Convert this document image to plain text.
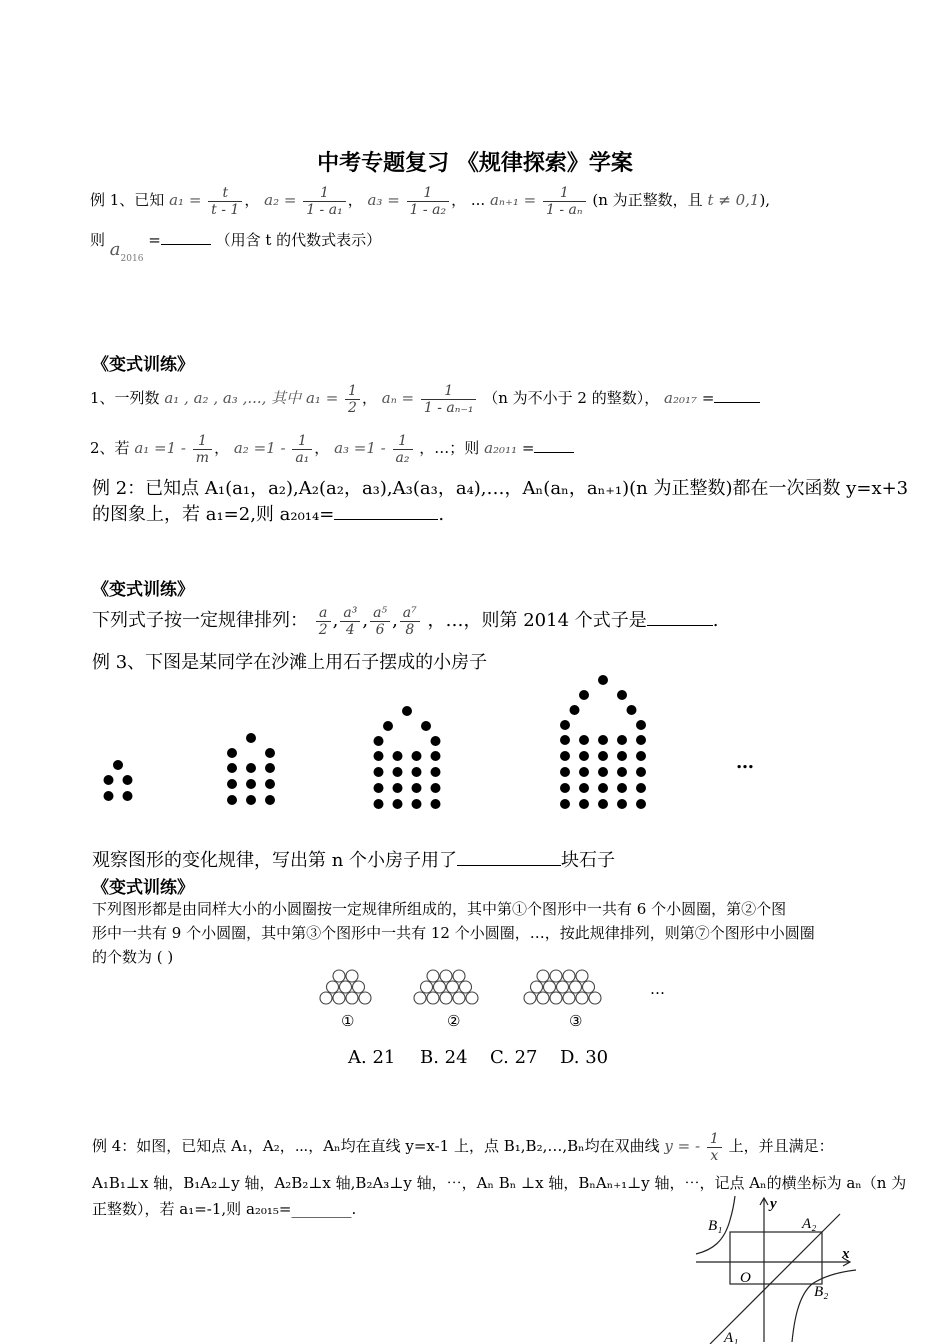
中考专题复习 《规律探索》学案
例 1、已知 $a_1 = \frac{t}{t - 1}$ ， $a_2 = \frac{1}{\text{1 - a₁}}$ ， $a_3 = \frac{1}{\text{1 - a₂}}$ ， ... $a_{n+1} = \frac{1}{\text{1 - aₙ}} (n$ 为正整数，且 t ≠ 0,1),
则 $a_{2016}$ =	（用含 t 的代数式表示）
《变式训练》
1、一列数 a₁ , a₂ , a₃ ,..., 其中 $a_1 = \frac{1}{2}$ ， $a_n = \frac{1}{\text{1 - aₙ₋₁}} (n$ 为不小于 2 的整数）， a₂₀₁₇ =
2、若 $a_1 =1 - \frac{1}{m}$ ， $a_2 =1 - \frac{1}{\text{a₁}}$ ， $a_3 =1 - \frac{1}{\text{a₂}}$ ，…；则 a₂₀₁₁ =
例 2：已知点 A₁(a₁，a₂),A₂(a₂，a₃),A₃(a₃，a₄),…，Aₙ(aₙ，aₙ₊₁)(n 为正整数)都在一次函数 y=x+3
的图象上，若 a₁=2,则 a₂₀₁₄=	.
《变式训练》
下列式子按一定规律排列： $\frac{a}{2}$ , $\frac{\text{a³}}{4}$ , $\frac{\text{a⁵}}{6}$ , $\frac{\text{a⁷}}{8}$ ，…，则第 2014 个式子是	.
例 3、下图是某同学在沙滩上用石子摆成的小房子
…
观察图形的变化规律，写出第 n 个小房子用了	块石子
《变式训练》
下列图形都是由同样大小的小圆圈按一定规律所组成的，其中第①个图形中一共有 6 个小圆圈，第②个图
形中一共有 9 个小圆圈，其中第③个图形中一共有 12 个小圆圈，…，按此规律排列，则第⑦个图形中小圆圈
的个数为 ( )
…
①	②	③
A. 21 B. 24 C. 27 D. 30
例 4：如图，已知点 A₁，A₂，⋯，Aₙ均在直线 y=x-1 上，点 B₁,B₂,…,Bₙ均在双曲线 y = - $\frac{1}{x}$ 上，并且满足：
A₁B₁⊥x 轴，B₁A₂⊥y 轴，A₂B₂⊥x 轴,B₂A₃⊥y 轴，⋯，Aₙ Bₙ ⊥x 轴，BₙAₙ₊₁⊥y 轴，⋯，记点 Aₙ的横坐标为 aₙ（n 为
正整数），若 a₁=-1,则 a₂₀₁₅=________.
B₁	A₂
B₂
A₁
O
x
y
